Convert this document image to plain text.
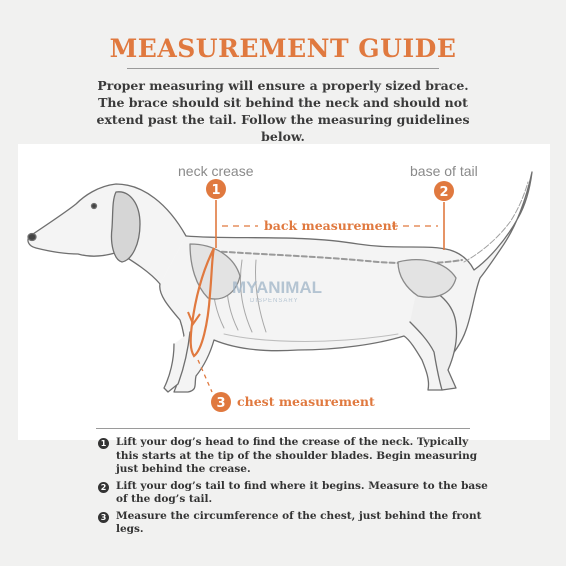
MEASUREMENT GUIDE
Proper measuring will ensure a properly sized brace. The brace should sit behind the neck and should not extend past the tail. Follow the measuring guidelines below.
MYANIMAL
DISPENSARY
neck crease
1
base of tail
2
back measurement
3 chest measurement
1 Lift your dog’s head to find the crease of the neck. Typically this starts at the tip of the shoulder blades. Begin measuring just behind the crease.
2 Lift your dog’s tail to find where it begins. Measure to the base of the dog’s tail.
3 Measure the circumference of the chest, just behind the front legs.
